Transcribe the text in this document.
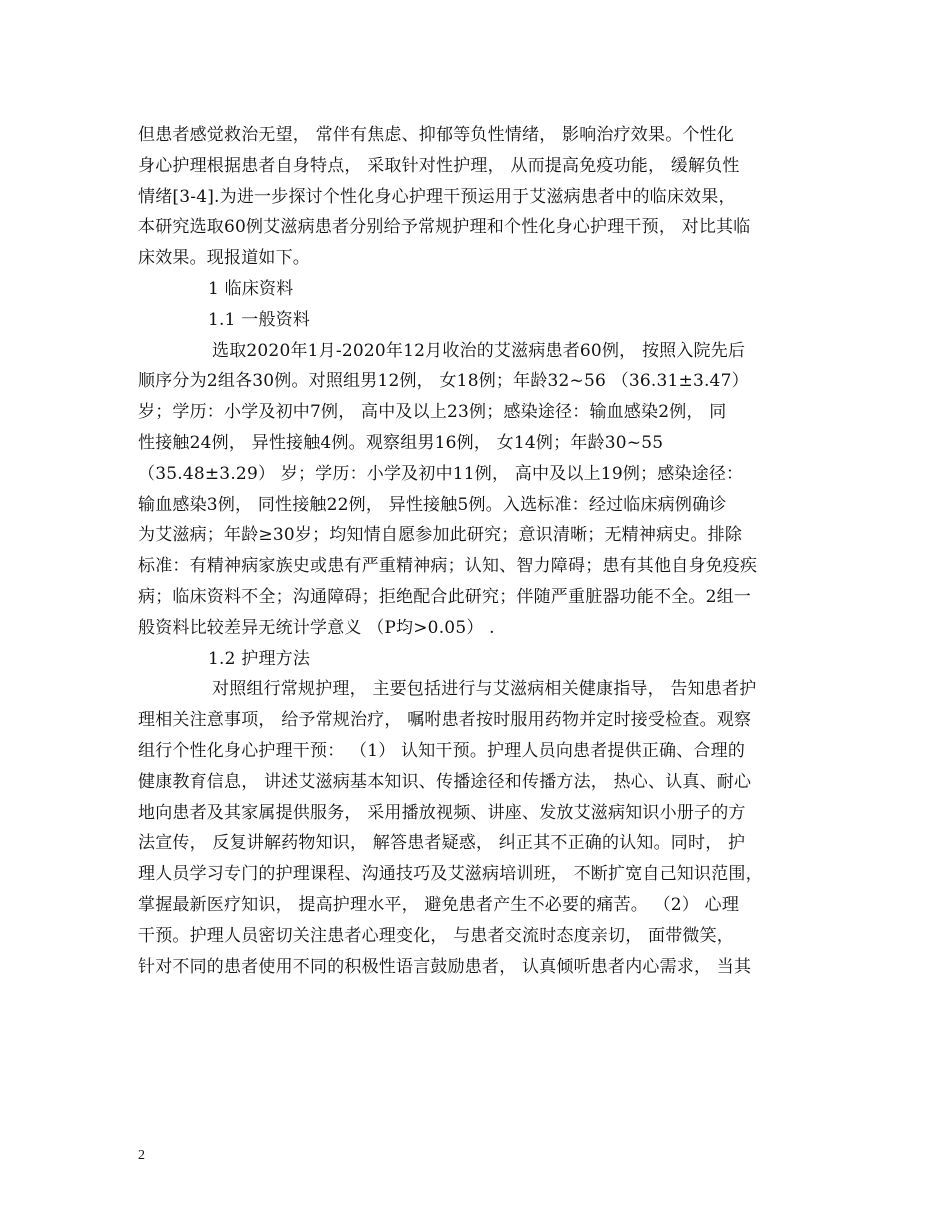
但患者感觉救治无望， 常伴有焦虑、抑郁等负性情绪， 影响治疗效果。个性化
身心护理根据患者自身特点， 采取针对性护理， 从而提高免疫功能， 缓解负性
情绪[3-4].为进一步探讨个性化身心护理干预运用于艾滋病患者中的临床效果，
本研究选取60例艾滋病患者分别给予常规护理和个性化身心护理干预， 对比其临
床效果。现报道如下。
1 临床资料
1.1 一般资料
选取2020年1月-2020年12月收治的艾滋病患者60例， 按照入院先后
顺序分为2组各30例。对照组男12例， 女18例；年龄32~56 （36.31±3.47）
岁；学历：小学及初中7例， 高中及以上23例；感染途径：输血感染2例， 同
性接触24例， 异性接触4例。观察组男16例， 女14例；年龄30~55
（35.48±3.29） 岁；学历：小学及初中11例， 高中及以上19例；感染途径：
输血感染3例， 同性接触22例， 异性接触5例。入选标准：经过临床病例确诊
为艾滋病；年龄≥30岁；均知情自愿参加此研究；意识清晰；无精神病史。排除
标准：有精神病家族史或患有严重精神病；认知、智力障碍；患有其他自身免疫疾
病；临床资料不全；沟通障碍；拒绝配合此研究；伴随严重脏器功能不全。2组一
般资料比较差异无统计学意义 （P均>0.05） .
1.2 护理方法
对照组行常规护理， 主要包括进行与艾滋病相关健康指导， 告知患者护
理相关注意事项， 给予常规治疗， 嘱咐患者按时服用药物并定时接受检查。观察
组行个性化身心护理干预： （1） 认知干预。护理人员向患者提供正确、合理的
健康教育信息， 讲述艾滋病基本知识、传播途径和传播方法， 热心、认真、耐心
地向患者及其家属提供服务， 采用播放视频、讲座、发放艾滋病知识小册子的方
法宣传， 反复讲解药物知识， 解答患者疑惑， 纠正其不正确的认知。同时， 护
理人员学习专门的护理课程、沟通技巧及艾滋病培训班， 不断扩宽自己知识范围，
掌握最新医疗知识， 提高护理水平， 避免患者产生不必要的痛苦。 （2） 心理
干预。护理人员密切关注患者心理变化， 与患者交流时态度亲切， 面带微笑，
针对不同的患者使用不同的积极性语言鼓励患者， 认真倾听患者内心需求， 当其
2
